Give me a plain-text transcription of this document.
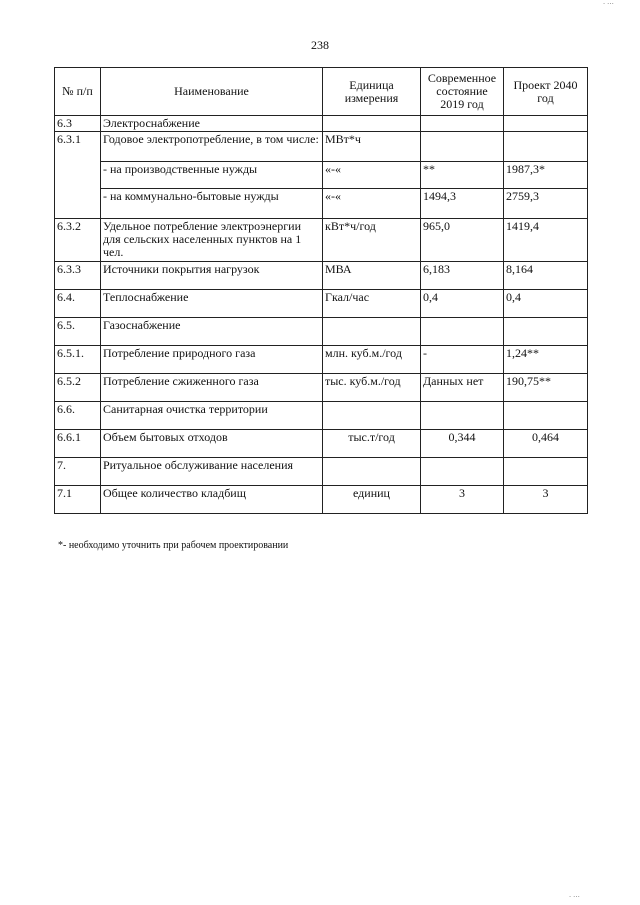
· ···
238
№ п/п	Наименование	Единица измерения	Современное состояние 2019 год	Проект 2040 год
6.3	Электроснабжение			
6.3.1	Годовое электропотребление, в том числе:	МВт*ч		
	- на производственные нужды	«-«	**	1987,3*
	- на коммунально-бытовые нужды	«-«	1494,3	2759,3
6.3.2	Удельное потребление электроэнергии для сельских населенных пунктов на 1 чел.	кВт*ч/год	965,0	1419,4
6.3.3	Источники покрытия нагрузок	МВА	6,183	8,164
6.4.	Теплоснабжение	Гкал/час	0,4	0,4
6.5.	Газоснабжение			
6.5.1.	Потребление природного газа	млн. куб.м./год	-	1,24**
6.5.2	Потребление сжиженного газа	тыс. куб.м./год	Данных нет	190,75**
6.6.	Санитарная очистка территории			
6.6.1	Объем бытовых отходов	тыс.т/год	0,344	0,464
7.	Ритуальное обслуживание населения			
7.1	Общее количество кладбищ	единиц	3	3
*- необходимо уточнить при рабочем проектировании
· ···
